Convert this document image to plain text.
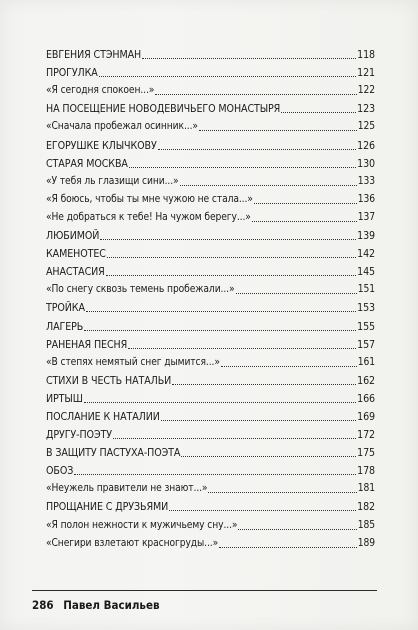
ЕВГЕНИЯ СТЭНМАН	118
ПРОГУЛКА	121
«Я сегодня спокоен...»	122
НА ПОСЕЩЕНИЕ НОВОДЕВИЧЬЕГО МОНАСТЫРЯ	123
«Сначала пробежал осинник...»	125
ЕГОРУШКЕ КЛЫЧКОВУ	126
СТАРАЯ МОСКВА	130
«У тебя ль глазищи сини...»	133
«Я боюсь, чтобы ты мне чужою не стала...»	136
«Не добраться к тебе! На чужом берегу...»	137
ЛЮБИМОЙ	139
КАМЕНОТЕС	142
АНАСТАСИЯ	145
«По снегу сквозь темень пробежали...»	151
ТРОЙКА	153
ЛАГЕРЬ	155
РАНЕНАЯ ПЕСНЯ	157
«В степях немятый снег дымится...»	161
СТИХИ В ЧЕСТЬ НАТАЛЬИ	162
ИРТЫШ	166
ПОСЛАНИЕ К НАТАЛИИ	169
ДРУГУ-ПОЭТУ	172
В ЗАЩИТУ ПАСТУХА-ПОЭТА	175
ОБОЗ	178
«Неужель правители не знают...»	181
ПРОЩАНИЕ С ДРУЗЬЯМИ	182
«Я полон нежности к мужичьему сну...»	185
«Снегири взлетают красногруды...»	189
286 Павел Васильев
